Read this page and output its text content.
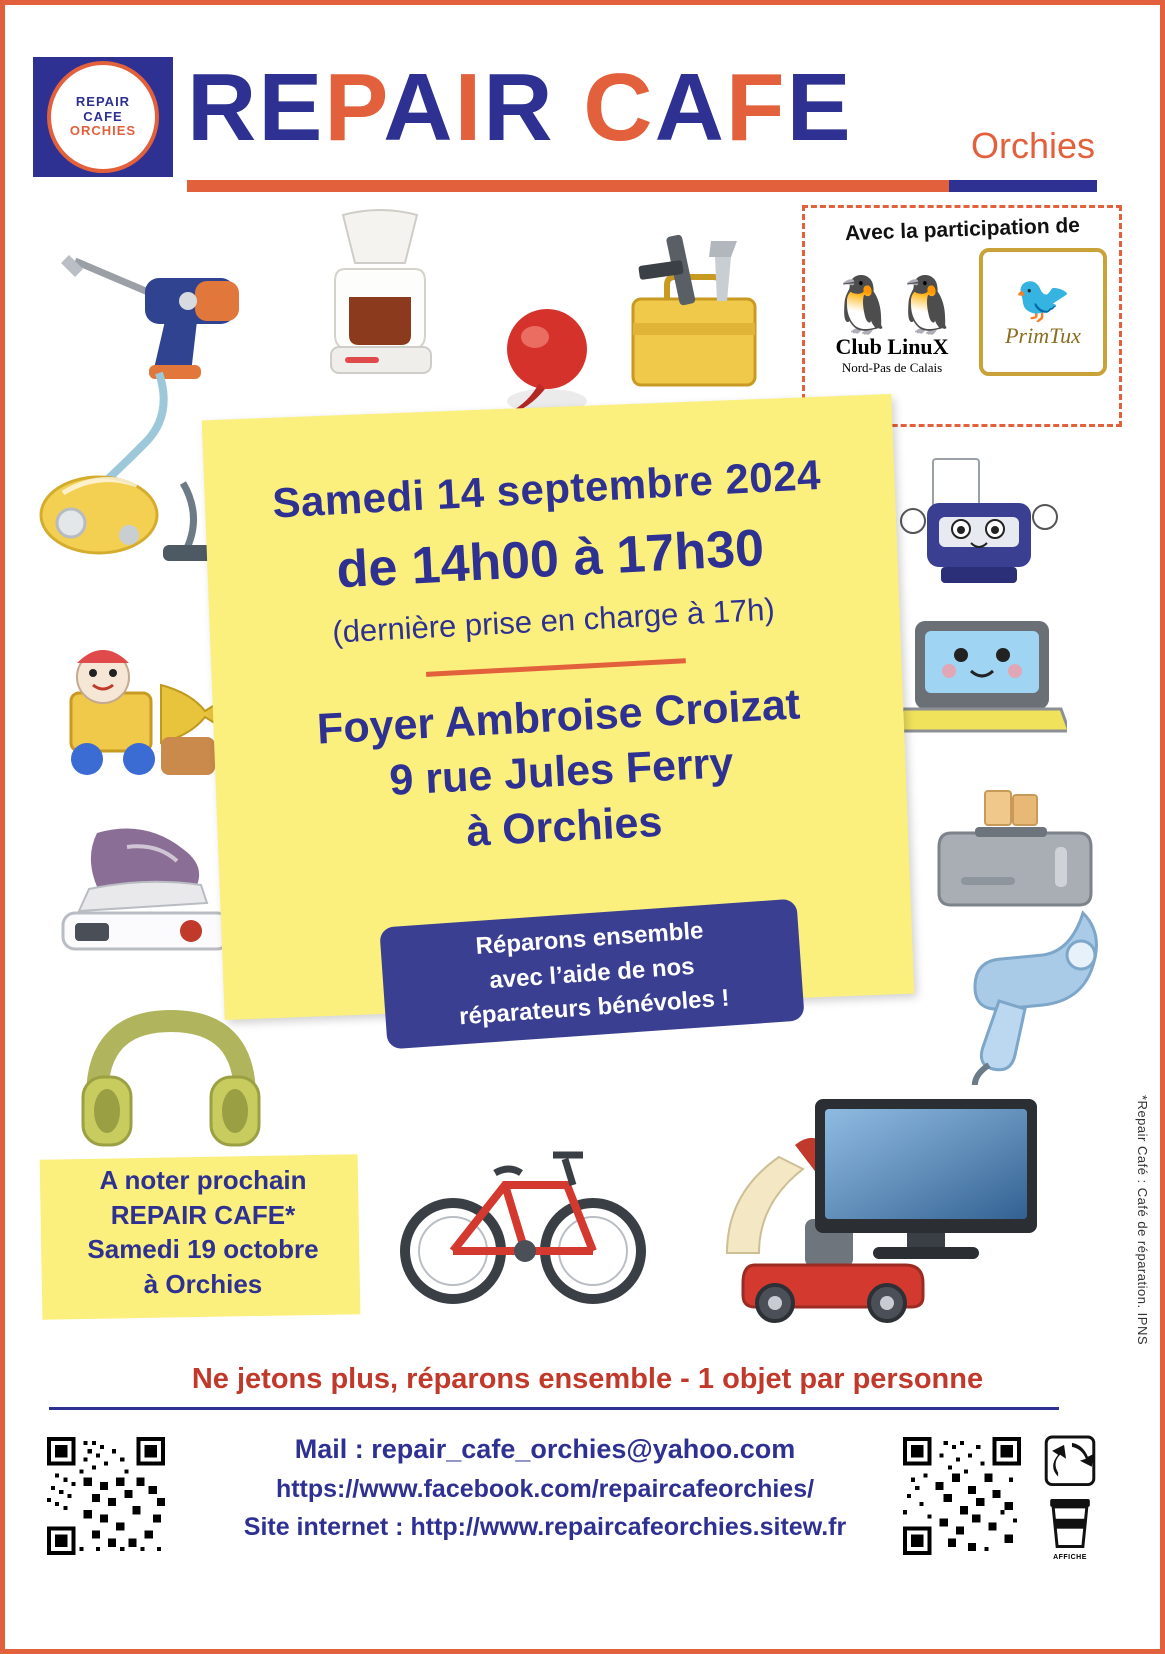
REPAIR
CAFE
ORCHIES REPAIR CAFE	Orchies
Avec la participation de
🐧🐧
Club LinuX
Nord-Pas de Calais
🐦
PrimTux
Samedi 14 septembre 2024
de 14h00 à 17h30
(dernière prise en charge à 17h)
Foyer Ambroise Croizat
9 rue Jules Ferry
à Orchies
Réparons ensemble
avec l’aide de nos
réparateurs bénévoles !
A noter prochain
REPAIR CAFE*
Samedi 19 octobre
à Orchies	*Repair Café : Café de réparation. IPNS
Ne jetons plus, réparons ensemble - 1 objet par personne
AFFICHE
Mail : repair_cafe_orchies@yahoo.com
https://www.facebook.com/repaircafeorchies/
Site internet : http://www.repaircafeorchies.sitew.fr
